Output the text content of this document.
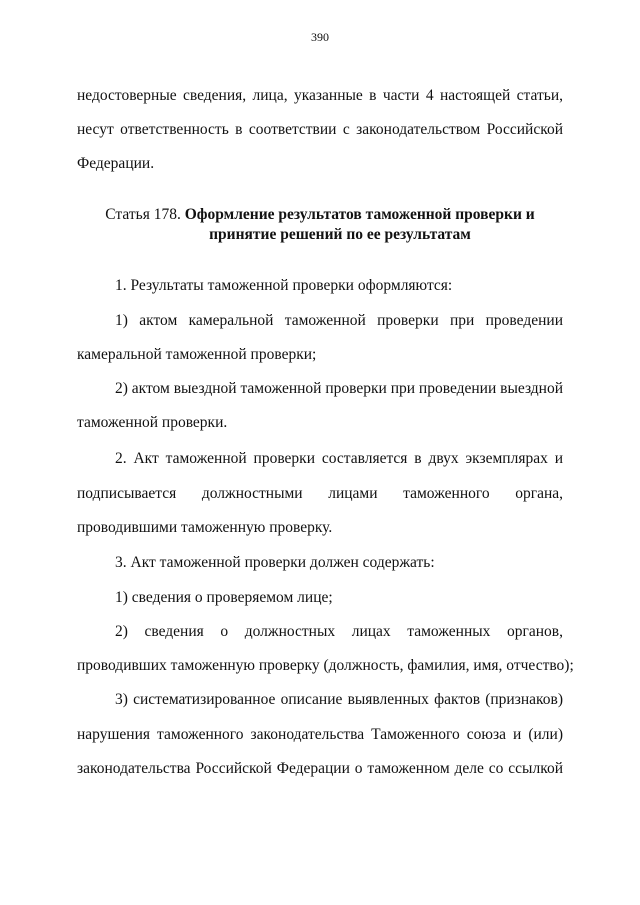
390
недостоверные сведения, лица, указанные в части 4 настоящей статьи,
несут ответственность в соответствии с законодательством Российской
Федерации.
Статья 178. Оформление результатов таможенной проверки и
принятие решений по ее результатам
1. Результаты таможенной проверки оформляются:
1) актом камеральной таможенной проверки при проведении
камеральной таможенной проверки;
2) актом выездной таможенной проверки при проведении выездной
таможенной проверки.
2. Акт таможенной проверки составляется в двух экземплярах и
подписывается должностными лицами таможенного органа,
проводившими таможенную проверку.
3. Акт таможенной проверки должен содержать:
1) сведения о проверяемом лице;
2) сведения о должностных лицах таможенных органов,
проводивших таможенную проверку (должность, фамилия, имя, отчество);
3) систематизированное описание выявленных фактов (признаков)
нарушения таможенного законодательства Таможенного союза и (или)
законодательства Российской Федерации о таможенном деле со ссылкой
